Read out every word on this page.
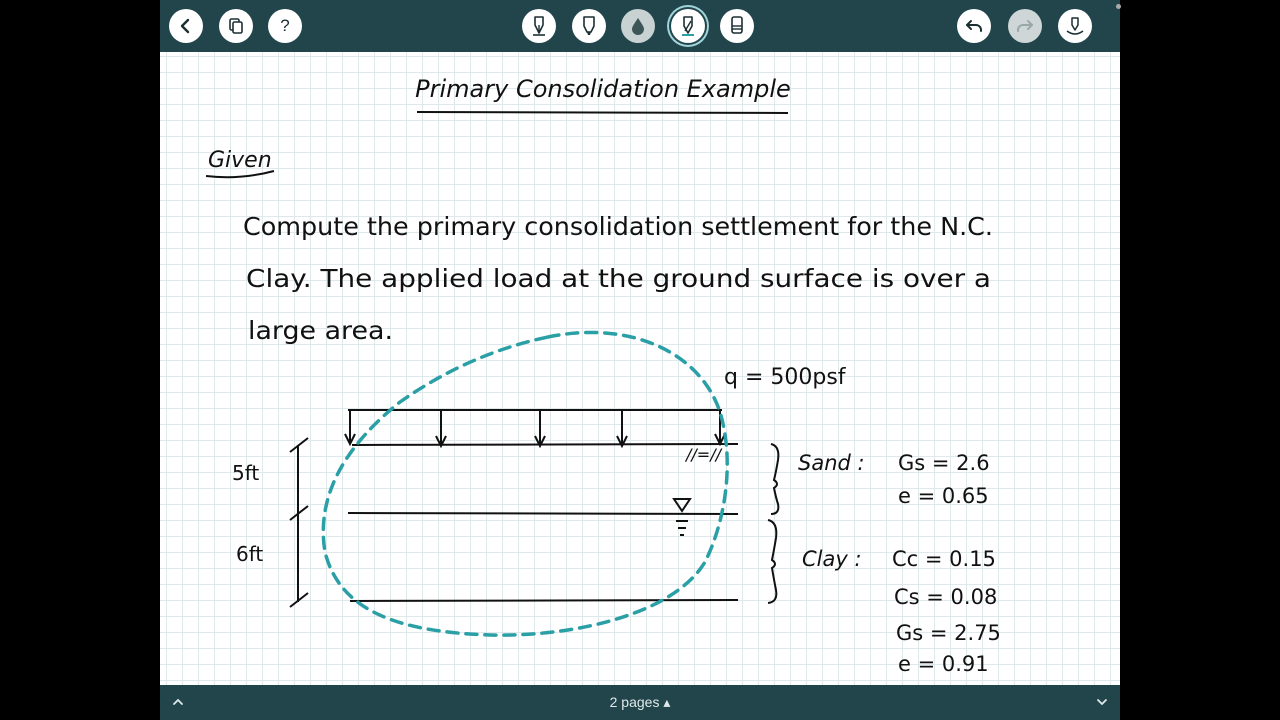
?
Primary Consolidation Example
Given
Compute the primary consolidation settlement for the N.C.
Clay. The applied load at the ground surface is over a
large area.
q = 500psf
//=//
5ft
6ft
Sand : Gs = 2.6
e = 0.65
Clay : Cc = 0.15
Cs = 0.08
Gs = 2.75
e = 0.91
2 pages ▴
